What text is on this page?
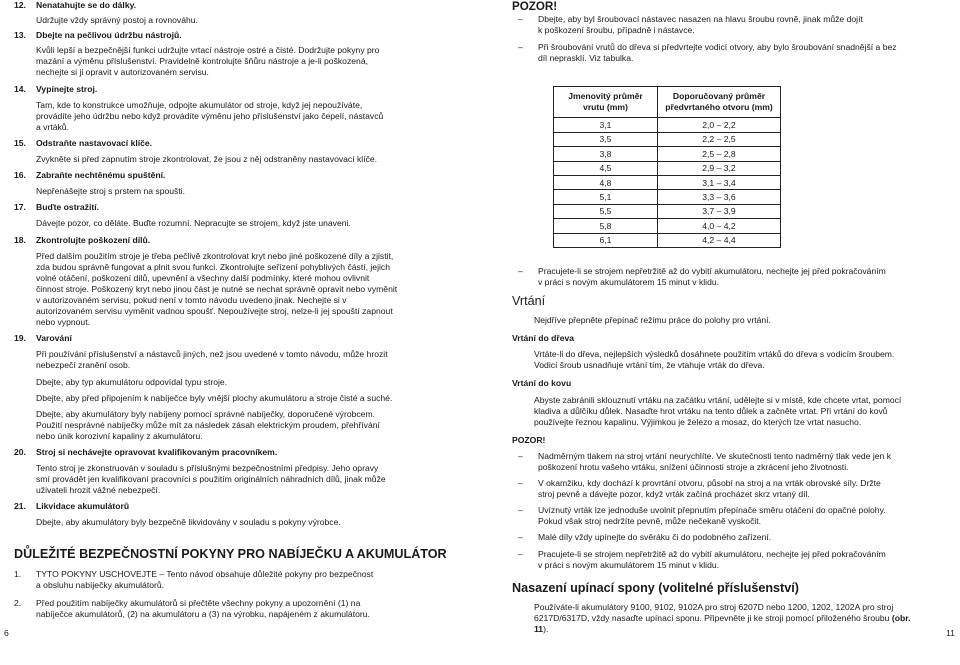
12.	Nenatahujte se do dálky.

Udržujte vždy správný postoj a rovnováhu.

13.	Dbejte na pečlivou údržbu nástrojů.

Kvůli lepší a bezpečnější funkci udržujte vrtací nástroje ostré a čisté. Dodržujte pokyny pro

mazání a výměnu příslušenství. Pravidelně kontrolujte šňůru nástroje a je-li poškozená,

nechejte si ji opravit v autorizovaném servisu.

14.	Vypínejte stroj.

Tam, kde to konstrukce umožňuje, odpojte akumulátor od stroje, když jej nepoužíváte,

provádíte jeho údržbu nebo když provádíte výměnu jeho příslušenství jako čepelí, nástavců

a vrtáků.

15.	Odstraňte nastavovací klíče.

Zvykněte si před zapnutím stroje zkontrolovat, že jsou z něj odstraněny nastavovací klíče.

16.	Zabraňte nechtěnému spuštění.

Nepřenášejte stroj s prstem na spoušti.

17.	Buďte ostražití.

Dávejte pozor, co děláte. Buďte rozumní. Nepracujte se strojem, když jste unaveni.

18.	Zkontrolujte poškození dílů.

Před dalším použitím stroje je třeba pečlivě zkontrolovat kryt nebo jiné poškozené díly a zjistit,

zda budou správně fungovat a plnit svou funkci. Zkontrolujte seřízení pohyblivých částí, jejich

volné otáčení, poškození dílů, upevnění a všechny další podmínky, které mohou ovlivnit

činnost stroje. Poškozený kryt nebo jinou část je nutné se nechat správně opravit nebo vyměnit

v autorizovaném servisu, pokud není v tomto návodu uvedeno jinak. Nechejte si v

autorizovaném servisu vyměnit vadnou spoušť. Nepoužívejte stroj, nelze-li jej spouští zapnout

nebo vypnout.

19.	Varování

Při používání příslušenství a nástavců jiných, než jsou uvedené v tomto návodu, může hrozit

nebezpečí zranění osob.

Dbejte, aby typ akumulátoru odpovídal typu stroje.

Dbejte, aby před připojením k nabíječce byly vnější plochy akumulátoru a stroje čisté a suché.

Dbejte, aby akumulátory byly nabíjeny pomocí správné nabíječky, doporučené výrobcem.

Použití nesprávné nabíječky může mít za následek zásah elektrickým proudem, přehřívání

nebo únik korozivní kapaliny z akumulátoru.

20.	Stroj si nechávejte opravovat kvalifikovaným pracovníkem.

Tento stroj je zkonstruován v souladu s příslušnými bezpečnostními předpisy. Jeho opravy

smí provádět jen kvalifikovaní pracovníci s použitím originálních náhradních dílů, jinak může

uživateli hrozit vážné nebezpečí.

21.	Likvidace akumulátorů

Dbejte, aby akumulátory byly bezpečně likvidovány v souladu s pokyny výrobce.

DŮLEŽITÉ BEZPEČNOSTNÍ POKYNY PRO NABÍJEČKU A AKUMULÁTOR

1.	TYTO POKYNY USCHOVEJTE – Tento návod obsahuje důležité pokyny pro bezpečnost

a obsluhu nabíječky akumulátorů.

2.	Před použitím nabíječky akumulátorů si přečtěte všechny pokyny a upozornění (1) na

nabíječce akumulátorů, (2) na akumulátoru a (3) na výrobku, napájeném z akumulátoru.

6

POZOR!

–	Dbejte, aby byl šroubovací nástavec nasazen na hlavu šroubu rovně, jinak může dojít

k poškození šroubu, případně i nástavce.

–	Při šroubování vrutů do dřeva si předvrtejte vodicí otvory, aby bylo šroubování snadnější a bez

díl neprasklí. Viz tabulka.

Jmenovitý průměr
vrutu (mm)	Doporučovaný průměr
předvrtaného otvoru (mm)
3,1	2,0 – 2,2
3,5	2,2 – 2,5
3,8	2,5 – 2,8
4,5	2,9 – 3,2
4,8	3,1 – 3,4
5,1	3,3 – 3,6
5,5	3,7 – 3,9
5,8	4,0 – 4,2
6,1	4,2 – 4,4
–	Pracujete-li se strojem nepřetržitě až do vybití akumulátoru, nechejte jej před pokračováním

v práci s novým akumulátorem 15 minut v klidu.

Vrtání

Nejdříve přepněte přepínač režimu práce do polohy pro vrtání.

Vrtání do dřeva

Vrtáte-li do dřeva, nejlepších výsledků dosáhnete použitím vrtáků do dřeva s vodicím šroubem.

Vodicí šroub usnadňuje vrtání tím, že vtahuje vrták do dřeva.

Vrtání do kovu

Abyste zabránili sklouznutí vrtáku na začátku vrtání, udělejte si v místě, kde chcete vrtat, pomocí

kladiva a důlčíku důlek. Nasaďte hrot vrtáku na tento důlek a začněte vrtat. Při vrtání do kovů

používejte řeznou kapalinu. Výjimkou je železo a mosaz, do kterých lze vrtat nasucho.

POZOR!

–	Nadměrným tlakem na stroj vrtání neurychlíte. Ve skutečnosti tento nadměrný tlak vede jen k

poškození hrotu vašeho vrtáku, snížení účinnosti stroje a zkrácení jeho životnosti.

–	V okamžiku, kdy dochází k provrtání otvoru, působí na stroj a na vrták obrovské síly. Držte

stroj pevně a dávejte pozor, když vrták začíná procházet skrz vrtaný díl.

–	Uvíznutý vrták lze jednoduše uvolnit přepnutím přepínače směru otáčení do opačné polohy.

Pokud však stroj nedržíte pevně, může nečekaně vyskočit.

–	Malé díly vždy upínejte do svěráku či do podobného zařízení.

–	Pracujete-li se strojem nepřetržitě až do vybití akumulátoru, nechejte jej před pokračováním

v práci s novým akumulátorem 15 minut v klidu.

Nasazení upínací spony (volitelné příslušenství)

Používáte-li akumulátory 9100, 9102, 9102A pro stroj 6207D nebo 1200, 1202, 1202A pro stroj

6217D/6317D, vždy nasaďte upínací sponu. Připevněte ji ke stroji pomocí přiloženého šroubu (obr.

11).	11
